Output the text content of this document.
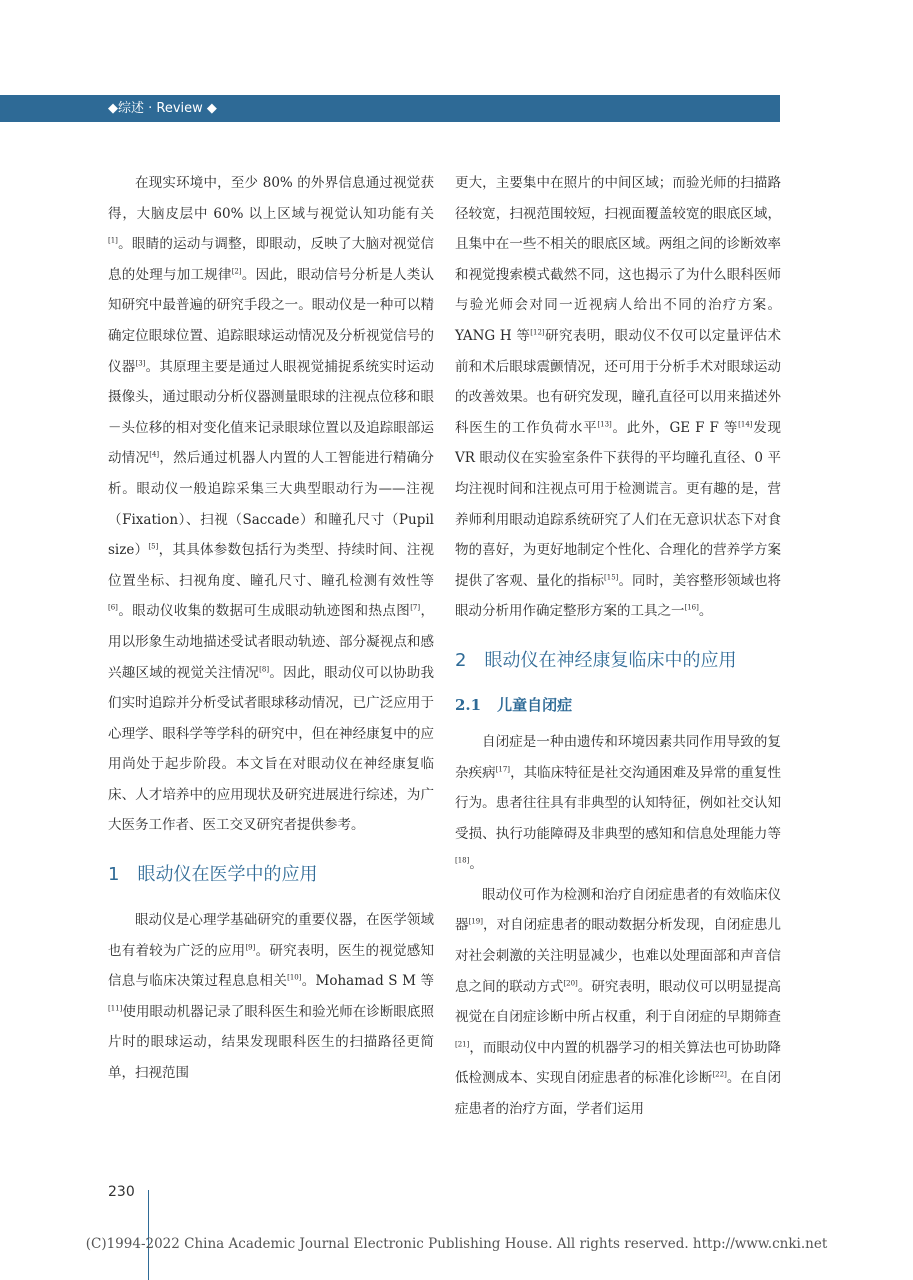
◆综述 · Review ◆

在现实环境中，至少 80% 的外界信息通过视觉获得，大脑皮层中 60% 以上区域与视觉认知功能有关[1]。眼睛的运动与调整，即眼动，反映了大脑对视觉信息的处理与加工规律[2]。因此，眼动信号分析是人类认知研究中最普遍的研究手段之一。眼动仪是一种可以精确定位眼球位置、追踪眼球运动情况及分析视觉信号的仪器[3]。其原理主要是通过人眼视觉捕捉系统实时运动摄像头，通过眼动分析仪器测量眼球的注视点位移和眼－头位移的相对变化值来记录眼球位置以及追踪眼部运动情况[4]，然后通过机器人内置的人工智能进行精确分析。眼动仪一般追踪采集三大典型眼动行为——注视（Fixation）、扫视（Saccade）和瞳孔尺寸（Pupil size）[5]，其具体参数包括行为类型、持续时间、注视位置坐标、扫视角度、瞳孔尺寸、瞳孔检测有效性等[6]。眼动仪收集的数据可生成眼动轨迹图和热点图[7]，用以形象生动地描述受试者眼动轨迹、部分凝视点和感兴趣区域的视觉关注情况[8]。因此，眼动仪可以协助我们实时追踪并分析受试者眼球移动情况，已广泛应用于心理学、眼科学等学科的研究中，但在神经康复中的应用尚处于起步阶段。本文旨在对眼动仪在神经康复临床、人才培养中的应用现状及研究进展进行综述，为广大医务工作者、医工交叉研究者提供参考。

1 眼动仪在医学中的应用

眼动仪是心理学基础研究的重要仪器，在医学领域也有着较为广泛的应用[9]。研究表明，医生的视觉感知信息与临床决策过程息息相关[10]。Mohamad S M 等[11]使用眼动机器记录了眼科医生和验光师在诊断眼底照片时的眼球运动，结果发现眼科医生的扫描路径更简单，扫视范围

更大，主要集中在照片的中间区域；而验光师的扫描路径较宽，扫视范围较短，扫视面覆盖较宽的眼底区域，且集中在一些不相关的眼底区域。两组之间的诊断效率和视觉搜索模式截然不同，这也揭示了为什么眼科医师与验光师会对同一近视病人给出不同的治疗方案。YANG H 等[12]研究表明，眼动仪不仅可以定量评估术前和术后眼球震颤情况，还可用于分析手术对眼球运动的改善效果。也有研究发现，瞳孔直径可以用来描述外科医生的工作负荷水平[13]。此外，GE F F 等[14]发现 VR 眼动仪在实验室条件下获得的平均瞳孔直径、0 平均注视时间和注视点可用于检测谎言。更有趣的是，营养师利用眼动追踪系统研究了人们在无意识状态下对食物的喜好，为更好地制定个性化、合理化的营养学方案提供了客观、量化的指标[15]。同时，美容整形领域也将眼动分析用作确定整形方案的工具之一[16]。

2 眼动仪在神经康复临床中的应用
2.1 儿童自闭症

自闭症是一种由遗传和环境因素共同作用导致的复杂疾病[17]，其临床特征是社交沟通困难及异常的重复性行为。患者往往具有非典型的认知特征，例如社交认知受损、执行功能障碍及非典型的感知和信息处理能力等[18]。

眼动仪可作为检测和治疗自闭症患者的有效临床仪器[19]，对自闭症患者的眼动数据分析发现，自闭症患儿对社会刺激的关注明显减少，也难以处理面部和声音信息之间的联动方式[20]。研究表明，眼动仪可以明显提高视觉在自闭症诊断中所占权重，利于自闭症的早期筛查[21]，而眼动仪中内置的机器学习的相关算法也可协助降低检测成本、实现自闭症患者的标准化诊断[22]。在自闭症患者的治疗方面，学者们运用

230
(C)1994-2022 China Academic Journal Electronic Publishing House. All rights reserved. http://www.cnki.net
